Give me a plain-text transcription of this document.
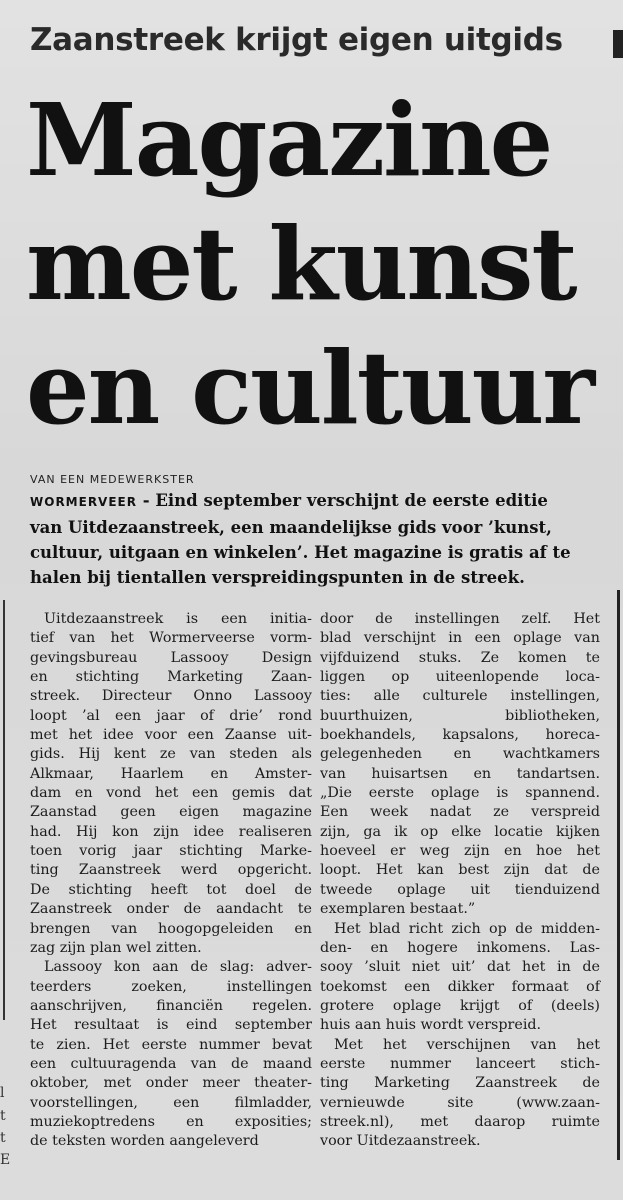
Zaanstreek krijgt eigen uitgids
Magazine
met kunst
en cultuur
VAN EEN MEDEWERKSTER
WORMERVEER - Eind september verschijnt de eerste editie
van Uitdezaanstreek, een maandelijkse gids voor ’kunst,
cultuur, uitgaan en winkelen’. Het magazine is gratis af te
halen bij tientallen verspreidingspunten in de streek.
l
t
t
E
Uitdezaanstreek is een initia-
tief van het Wormerveerse vorm-
gevingsbureau Lassooy Design
en stichting Marketing Zaan-
streek. Directeur Onno Lassooy
loopt ’al een jaar of drie’ rond
met het idee voor een Zaanse uit-
gids. Hij kent ze van steden als
Alkmaar, Haarlem en Amster-
dam en vond het een gemis dat
Zaanstad geen eigen magazine
had. Hij kon zijn idee realiseren
toen vorig jaar stichting Marke-
ting Zaanstreek werd opgericht.
De stichting heeft tot doel de
Zaanstreek onder de aandacht te
brengen van hoogopgeleiden en
zag zijn plan wel zitten.
Lassooy kon aan de slag: adver-
teerders zoeken, instellingen
aanschrijven, financiën regelen.
Het resultaat is eind september
te zien. Het eerste nummer bevat
een cultuuragenda van de maand
oktober, met onder meer theater-
voorstellingen, een filmladder,
muziekoptredens en exposities;
de teksten worden aangeleverd
door de instellingen zelf. Het
blad verschijnt in een oplage van
vijfduizend stuks. Ze komen te
liggen op uiteenlopende loca-
ties: alle culturele instellingen,
buurthuizen, bibliotheken,
boekhandels, kapsalons, horeca-
gelegenheden en wachtkamers
van huisartsen en tandartsen.
„Die eerste oplage is spannend.
Een week nadat ze verspreid
zijn, ga ik op elke locatie kijken
hoeveel er weg zijn en hoe het
loopt. Het kan best zijn dat de
tweede oplage uit tienduizend
exemplaren bestaat.”
Het blad richt zich op de midden-
den- en hogere inkomens. Las-
sooy ’sluit niet uit’ dat het in de
toekomst een dikker formaat of
grotere oplage krijgt of (deels)
huis aan huis wordt verspreid.
Met het verschijnen van het
eerste nummer lanceert stich-
ting Marketing Zaanstreek de
vernieuwde site (www.zaan-
streek.nl), met daarop ruimte
voor Uitdezaanstreek.
